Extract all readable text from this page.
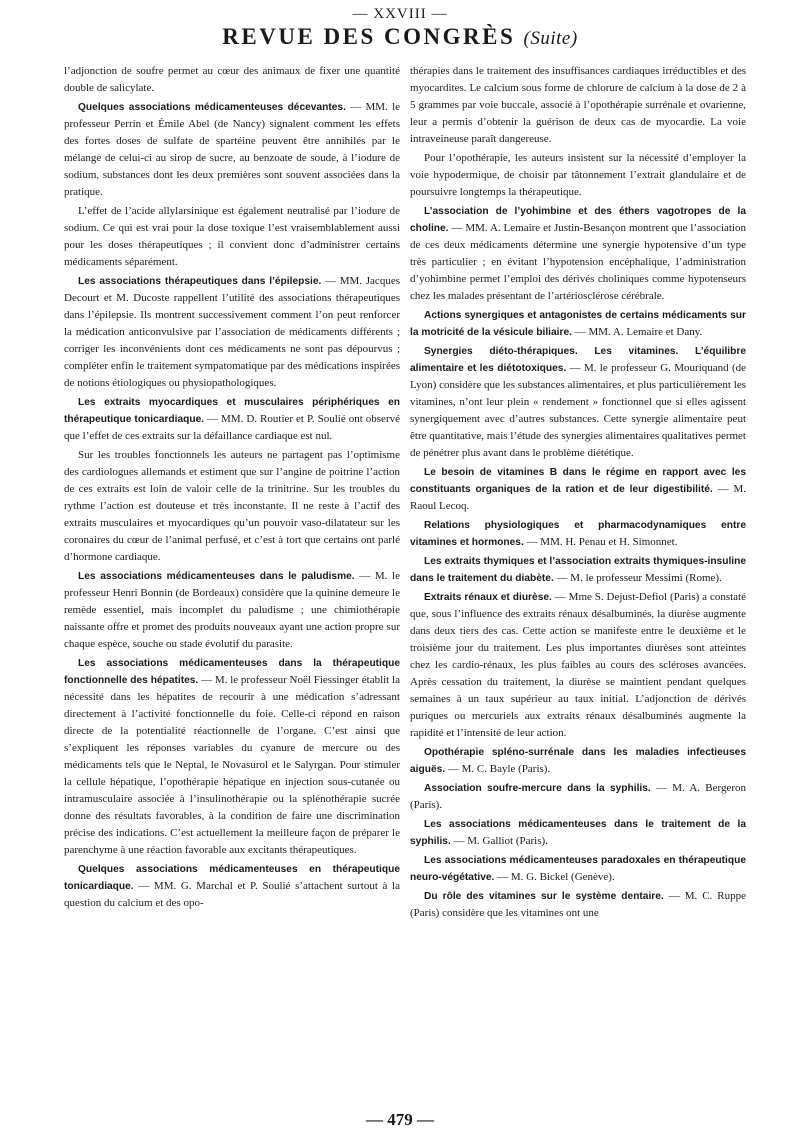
— XXVIII —
REVUE DES CONGRÈS (Suite)

l’adjonction de soufre permet au cœur des animaux de fixer une quantité double de salicylate.

Quelques associations médicamenteuses décevantes. — MM. le professeur Perrin et Émile Abel (de Nancy) signalent comment les effets des fortes doses de sulfate de spartéine peuvent être annihilés par le mélange de celui-ci au sirop de sucre, au benzoate de soude, à l’iodure de sodium, substances dont les deux premières sont souvent associées dans la pratique.

L’effet de l’acide allylarsinique est également neutralisé par l’iodure de sodium. Ce qui est vrai pour la dose toxique l’est vraisemblablement aussi pour les doses thérapeutiques ; il convient donc d’administrer certains médicaments séparément.

Les associations thérapeutiques dans l’épilepsie. — MM. Jacques Decourt et M. Ducoste rappellent l’utilité des associations thérapeutiques dans l’épilepsie. Ils montrent successivement comment l’on peut renforcer la médication anticonvulsive par l’association de médicaments différents ; corriger les inconvénients dont ces médicaments ne sont pas dépourvus ; compléter enfin le traitement sympatomatique par des médications inspirées de notions étiologiques ou physiopathologiques.

Les extraits myocardiques et musculaires périphériques en thérapeutique tonicardiaque. — MM. D. Routier et P. Soulié ont observé que l’effet de ces extraits sur la défaillance cardiaque est nul.

Sur les troubles fonctionnels les auteurs ne partagent pas l’optimisme des cardiologues allemands et estiment que sur l’angine de poitrine l’action de ces extraits est loin de valoir celle de la trinitrine. Sur les troubles du rythme l’action est douteuse et très inconstante. Il ne reste à l’actif des extraits musculaires et myocardiques qu’un pouvoir vaso-dilatateur sur les coronaires du cœur de l’animal perfusé, et c’est à tort que certains ont parlé d’hormone cardiaque.

Les associations médicamenteuses dans le paludisme. — M. le professeur Henri Bonnin (de Bordeaux) considère que la quinine demeure le remède essentiel, mais incomplet du paludisme ; une chimiothérapie naissante offre et promet des produits nouveaux ayant une action propre sur chaque espèce, souche ou stade évolutif du parasite.

Les associations médicamenteuses dans la thérapeutique fonctionnelle des hépatites. — M. le professeur Noël Fiessinger établit la nécessité dans les hépatites de recourir à une médication s’adressant directement à l’activité fonctionnelle du foie. Celle-ci répond en raison directe de la potentialité réactionnelle de l’organe. C’est ainsi que s’expliquent les réponses variables du cyanure de mercure ou des médicaments tels que le Neptal, le Novasurol et le Salyrgan. Pour stimuler la cellule hépatique, l’opothérapie hépatique en injection sous-cutanée ou intramusculaire associée à l’insulinothérapie ou la splénothérapie sucrée donne des résultats favorables, à la condition de faire une discrimination précise des indications. C’est actuellement la meilleure façon de préparer le parenchyme à une réaction favorable aux excitants thérapeutiques.

Quelques associations médicamenteuses en thérapeutique tonicardiaque. — MM. G. Marchal et P. Soulié s’attachent surtout à la question du calcium et des opo-

thérapies dans le traitement des insuffisances cardiaques irréductibles et des myocardites. Le calcium sous forme de chlorure de calcium à la dose de 2 à 5 grammes par voie buccale, associé à l’opothérapie surrénale et ovarienne, leur a permis d’obtenir la guérison de deux cas de myocardie. La voie intraveineuse paraît dangereuse.

Pour l’opothérapie, les auteurs insistent sur la nécessité d’employer la voie hypodermique, de choisir par tâtonnement l’extrait glandulaire et de poursuivre longtemps la thérapeutique.

L’association de l’yohimbine et des éthers vagotropes de la choline. — MM. A. Lemaire et Justin-Besançon montrent que l’association de ces deux médicaments détermine une synergie hypotensive d’un type très particulier ; en évitant l’hypotension encéphalique, l’administration d’yohimbine permet l’emploi des dérivés choliniques comme hypotenseurs chez les malades présentant de l’artériosclérose cérébrale.

Actions synergiques et antagonistes de certains médicaments sur la motricité de la vésicule biliaire. — MM. A. Lemaire et Dany.

Synergies diéto-thérapiques. Les vitamines. L’équilibre alimentaire et les diétotoxiques. — M. le professeur G. Mouriquand (de Lyon) considère que les substances alimentaires, et plus particulièrement les vitamines, n’ont leur plein « rendement » fonctionnel que si elles agissent synergiquement avec d’autres substances. Cette synergie alimentaire peut être quantitative, mais l’étude des synergies alimentaires qualitatives permet de pénétrer plus avant dans le problème diététique.

Le besoin de vitamines B dans le régime en rapport avec les constituants organiques de la ration et de leur digestibilité. — M. Raoul Lecoq.

Relations physiologiques et pharmacodynamiques entre vitamines et hormones. — MM. H. Penau et H. Simonnet.

Les extraits thymiques et l’association extraits thymiques-insuline dans le traitement du diabète. — M. le professeur Messimi (Rome).

Extraits rénaux et diurèse. — Mme S. Dejust-Defiol (Paris) a constaté que, sous l’influence des extraits rénaux désalbuminés, la diurèse augmente dans deux tiers des cas. Cette action se manifeste entre le deuxième et le troisième jour du traitement. Les plus importantes diurèses sont atteintes chez les cardio-rénaux, les plus faibles au cours des scléroses avancées. Après cessation du traitement, la diurèse se maintient pendant quelques semaines à un taux supérieur au taux initial. L’adjonction de dérivés puriques ou mercuriels aux extraits rénaux désalbuminés augmente la rapidité et l’intensité de leur action.

Opothérapie spléno-surrénale dans les maladies infectieuses aiguës. — M. C. Bayle (Paris).

Association soufre-mercure dans la syphilis. — M. A. Bergeron (Paris).

Les associations médicamenteuses dans le traitement de la syphilis. — M. Galliot (Paris).

Les associations médicamenteuses paradoxales en thérapeutique neuro-végétative. — M. G. Bickel (Genève).

Du rôle des vitamines sur le système dentaire. — M. C. Ruppe (Paris) considère que les vitamines ont une

— 479 —
